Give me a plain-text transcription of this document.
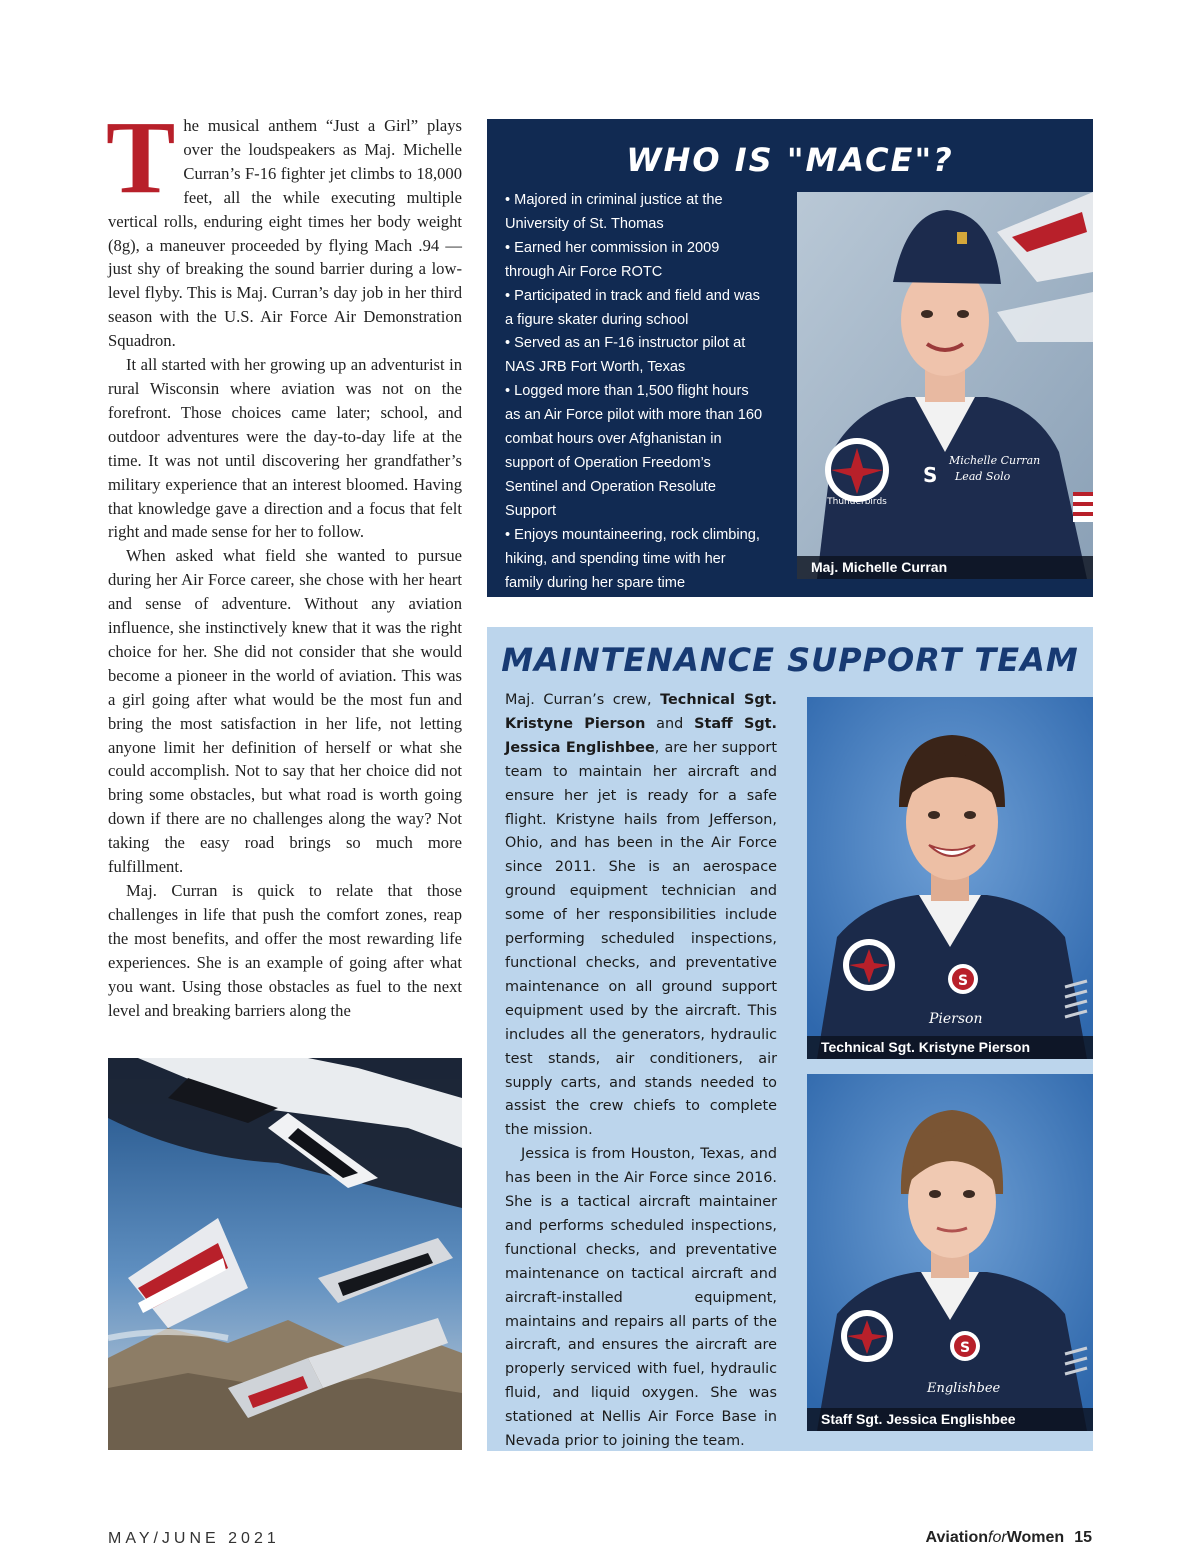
The musical anthem “Just a Girl” plays over the loudspeakers as Maj. Michelle Curran’s F-16 fighter jet climbs to 18,000 feet, all the while executing multiple vertical rolls, enduring eight times her body weight (8g), a maneuver proceeded by flying Mach .94 —just shy of breaking the sound barrier during a low-level flyby. This is Maj. Curran’s day job in her third season with the U.S. Air Force Air Demonstration Squadron.

It all started with her growing up an adventurist in rural Wisconsin where aviation was not on the forefront. Those choices came later; school, and outdoor adventures were the day-to-day life at the time. It was not until discovering her grandfather’s military experience that an interest bloomed. Having that knowledge gave a direction and a focus that felt right and made sense for her to follow.

When asked what field she wanted to pursue during her Air Force career, she chose with her heart and sense of adventure. Without any aviation influence, she instinctively knew that it was the right choice for her. She did not consider that she would become a pioneer in the world of aviation. This was a girl going after what would be the most fun and bring the most satisfaction in her life, not letting anyone limit her definition of herself or what she could accomplish. Not to say that her choice did not bring some obstacles, but what road is worth going down if there are no challenges along the way? Not taking the easy road brings so much more fulfillment.

Maj. Curran is quick to relate that those challenges in life that push the comfort zones, reap the most benefits, and offer the most rewarding life experiences. She is an example of going after what you want. Using those obstacles as fuel to the next level and breaking barriers along the

WHO IS "MACE"?
• Majored in criminal justice at the University of St. Thomas
• Earned her commission in 2009 through Air Force ROTC
• Participated in track and field and was a figure skater during school
• Served as an F-16 instructor pilot at NAS JRB Fort Worth, Texas
• Logged more than 1,500 flight hours as an Air Force pilot with more than 160 combat hours over Afghanistan in support of Operation Freedom’s Sentinel and Operation Resolute Support
• Enjoys mountaineering, rock climbing, hiking, and spending time with her family during her spare time
Thunderbirds
Michelle Curran
Lead Solo
S
Maj. Michelle Curran
MAINTENANCE SUPPORT TEAM

Maj. Curran’s crew, Technical Sgt. Kristyne Pierson and Staff Sgt. Jessica Englishbee, are her support team to maintain her aircraft and ensure her jet is ready for a safe flight. Kristyne hails from Jefferson, Ohio, and has been in the Air Force since 2011. She is an aerospace ground equipment technician and some of her responsibilities include performing scheduled inspections, functional checks, and preventative maintenance on all ground support equipment used by the aircraft. This includes all the generators, hydraulic test stands, air conditioners, air supply carts, and stands needed to assist the crew chiefs to complete the mission.

Jessica is from Houston, Texas, and has been in the Air Force since 2016. She is a tactical aircraft maintainer and performs scheduled inspections, functional checks, and preventative maintenance on tactical aircraft and aircraft-installed equipment, maintains and repairs all parts of the aircraft, and ensures the aircraft are properly serviced with fuel, hydraulic fluid, and liquid oxygen. She was stationed at Nellis Air Force Base in Nevada prior to joining the team.

S
Pierson
Technical Sgt. Kristyne Pierson
S
Englishbee
Staff Sgt. Jessica Englishbee
MAY/JUNE 2021	AviationforWomen 15
